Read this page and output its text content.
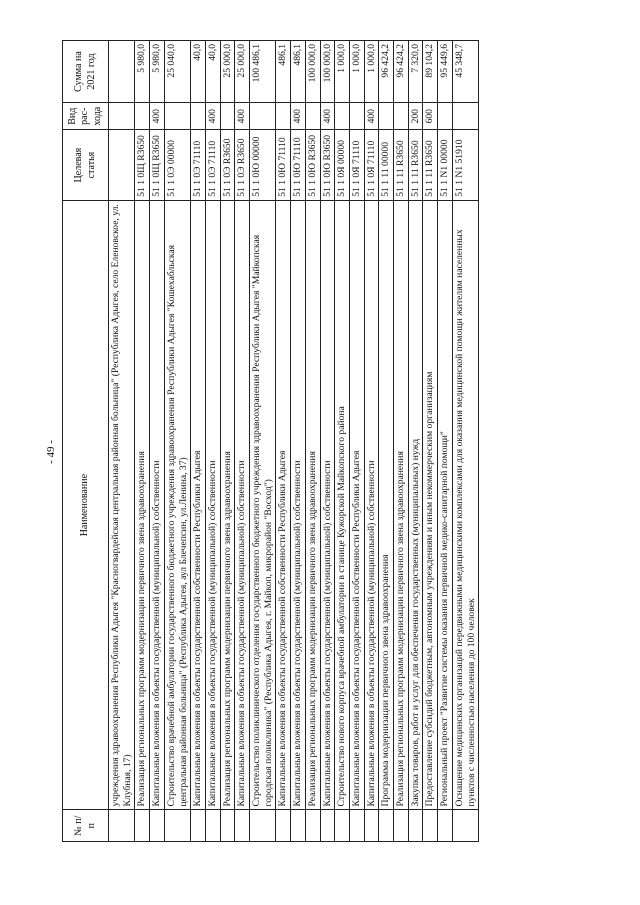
- 49 -
№ п/п	Наименование	Целевая статья	Вид рас-хода	Сумма на 2021 год
	учреждения здравоохранения Республики Адыгея "Красногвардейская центральная районная больница" (Республика Адыгея, село Еленовское, ул. Клубная, 17)			
	Реализация региональных программ модернизации первичного звена здравоохранения	51 1 0Щ R3650		5 980,0
	Капитальные вложения в объекты государственной (муниципальной) собственности	51 1 0Щ R3650	400	5 980,0
	Строительство врачебной амбулатории государственного бюджетного учреждения здравоохранения Республики Адыгея "Кошехабльская центральная районная больница" (Республика Адыгея, аул Блечепсин, ул.Ленина, 37)	51 1 0Э 00000		25 040,0
	Капитальные вложения в объекты государственной собственности Республики Адыгея	51 1 0Э 71110		40,0
	Капитальные вложения в объекты государственной (муниципальной) собственности	51 1 0Э 71110	400	40,0
	Реализация региональных программ модернизации первичного звена здравоохранения	51 1 0Э R3650		25 000,0
	Капитальные вложения в объекты государственной (муниципальной) собственности	51 1 0Э R3650	400	25 000,0
	Строительство поликлинического отделения государственного бюджетного учреждения здравоохранения Республики Адыгея "Майкопская городская поликлиника" (Республика Адыгея, г. Майкоп, микрорайон "Восход")	51 1 0Ю 00000		100 486,1
	Капитальные вложения в объекты государственной собственности Республики Адыгея	51 1 0Ю 71110		486,1
	Капитальные вложения в объекты государственной (муниципальной) собственности	51 1 0Ю 71110	400	486,1
	Реализация региональных программ модернизации первичного звена здравоохранения	51 1 0Ю R3650		100 000,0
	Капитальные вложения в объекты государственной (муниципальной) собственности	51 1 0Ю R3650	400	100 000,0
	Строительство нового корпуса врачебной амбулатории в станице Кужорской Майкопского района	51 1 0Я 00000		1 000,0
	Капитальные вложения в объекты государственной собственности Республики Адыгея	51 1 0Я 71110		1 000,0
	Капитальные вложения в объекты государственной (муниципальной) собственности	51 1 0Я 71110	400	1 000,0
	Программа модернизации первичного звена здравоохранения	51 1 11 00000		96 424,2
	Реализация региональных программ модернизации первичного звена здравоохранения	51 1 11 R3650		96 424,2
	Закупка товаров, работ и услуг для обеспечения государственных (муниципальных) нужд	51 1 11 R3650	200	7 320,0
	Предоставление субсидий бюджетным, автономным учреждениям и иным некоммерческим организациям	51 1 11 R3650	600	89 104,2
	Региональный проект "Развитие системы оказания первичной медико-санитарной помощи"	51 1 N1 00000		95 449,6
	Оснащение медицинских организаций передвижными медицинскими комплексами для оказания медицинской помощи жителям населенных пунктов с численностью населения до 100 человек	51 1 N1 51910		45 348,7
